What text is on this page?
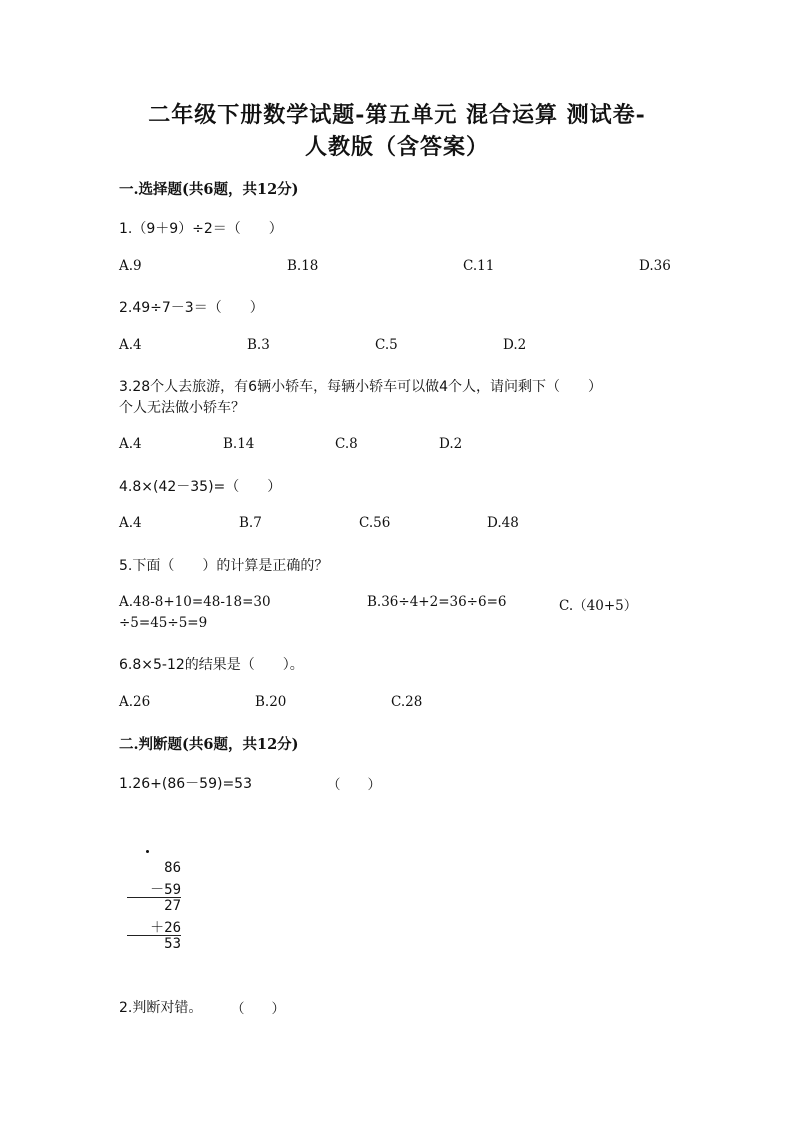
二年级下册数学试题-第五单元 混合运算 测试卷-
人教版（含答案）
一.选择题(共6题，共12分)
1.（9＋9）÷2＝（　　）
A.9	B.18	C.11	D.36
2.49÷7－3＝（　　）
A.4	B.3	C.5	D.2
3.28个人去旅游，有6辆小轿车，每辆小轿车可以做4个人，请问剩下（　　）
个人无法做小轿车？
A.4	B.14	C.8	D.2
4.8×(42－35)=（　　）
A.4	B.7	C.56	D.48
5.下面（　　）的计算是正确的？
A.48-8+10=48-18=30	B.36÷4+2=36÷6=6	C.（40+5）
÷5=45÷5=9
6.8×5-12的结果是（　　）。
A.26	B.20	C.28
二.判断题(共6题，共12分)
1.26+(86－59)=53	（　　）
86
－59
27
＋26
53
2.判断对错。 （　　）
